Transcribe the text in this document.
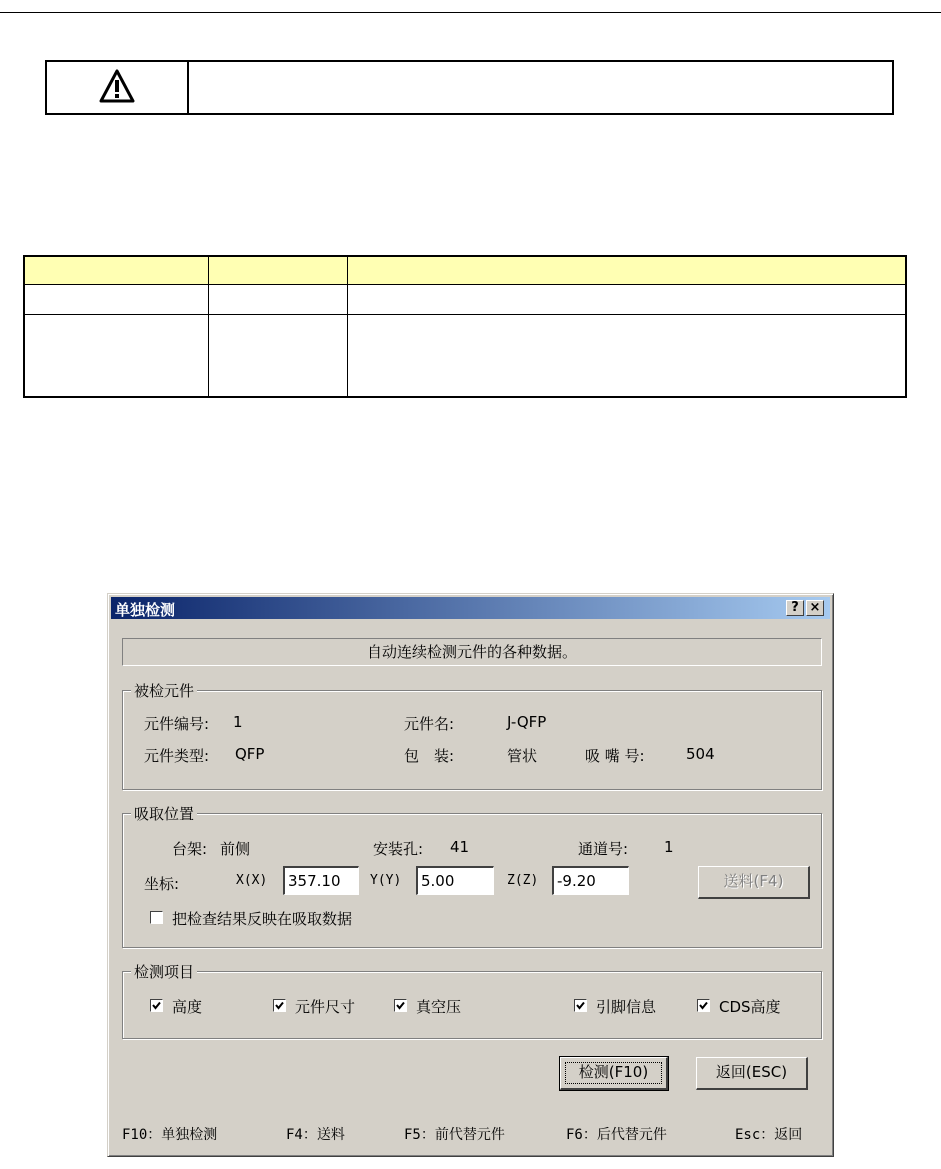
单独检测	? ×
自动连续检测元件的各种数据。
被检元件
元件编号: 1	元件名:	J-QFP
元件类型: QFP	包　装:	管状	吸 嘴 号:	504
吸取位置
台架: 前侧	安装孔: 41	通道号: 1
坐标:	X(X)	357.10	Y(Y)	5.00	Z(Z)	-9.20	送料(F4)
把检查结果反映在吸取数据
检测项目
高度	元件尺寸	真空压	引脚信息	CDS高度
检测(F10)	返回(ESC)
F10：单独检测	F4：送料	F5：前代替元件	F6：后代替元件	Esc：返回
